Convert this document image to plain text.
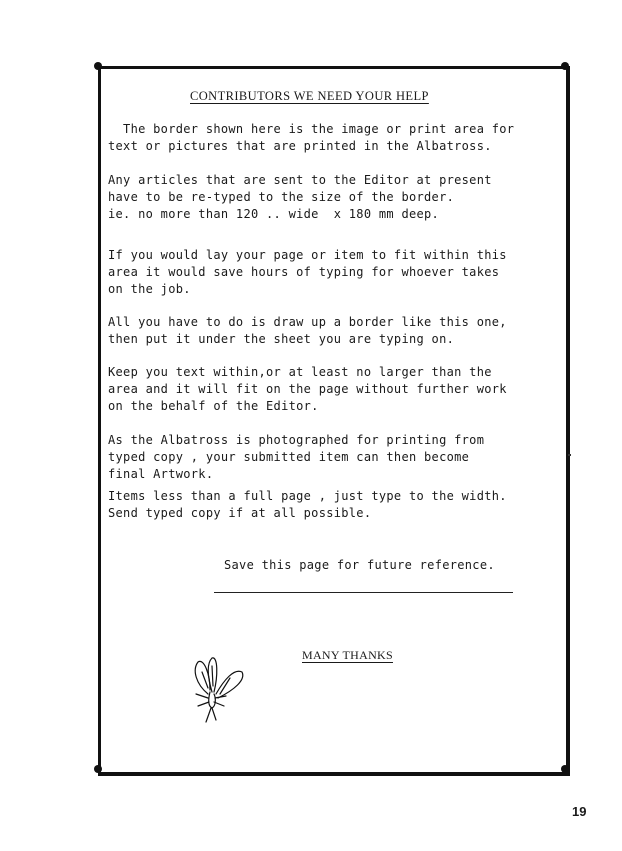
CONTRIBUTORS WE NEED YOUR HELP
The border shown here is the image or print area for
text or pictures that are printed in the Albatross.
Any articles that are sent to the Editor at present
have to be re-typed to the size of the border.
ie. no more than 120 .. wide  x 180 mm deep.
If you would lay your page or item to fit within this
area it would save hours of typing for whoever takes
on the job.
All you have to do is draw up a border like this one,
then put it under the sheet you are typing on.
Keep you text within,or at least no larger than the
area and it will fit on the page without further work
on the behalf of the Editor.
As the Albatross is photographed for printing from
typed copy , your submitted item can then become
final Artwork.
Items less than a full page , just type to the width.
Send typed copy if at all possible.
Save this page for future reference.
MANY THANKS
19
